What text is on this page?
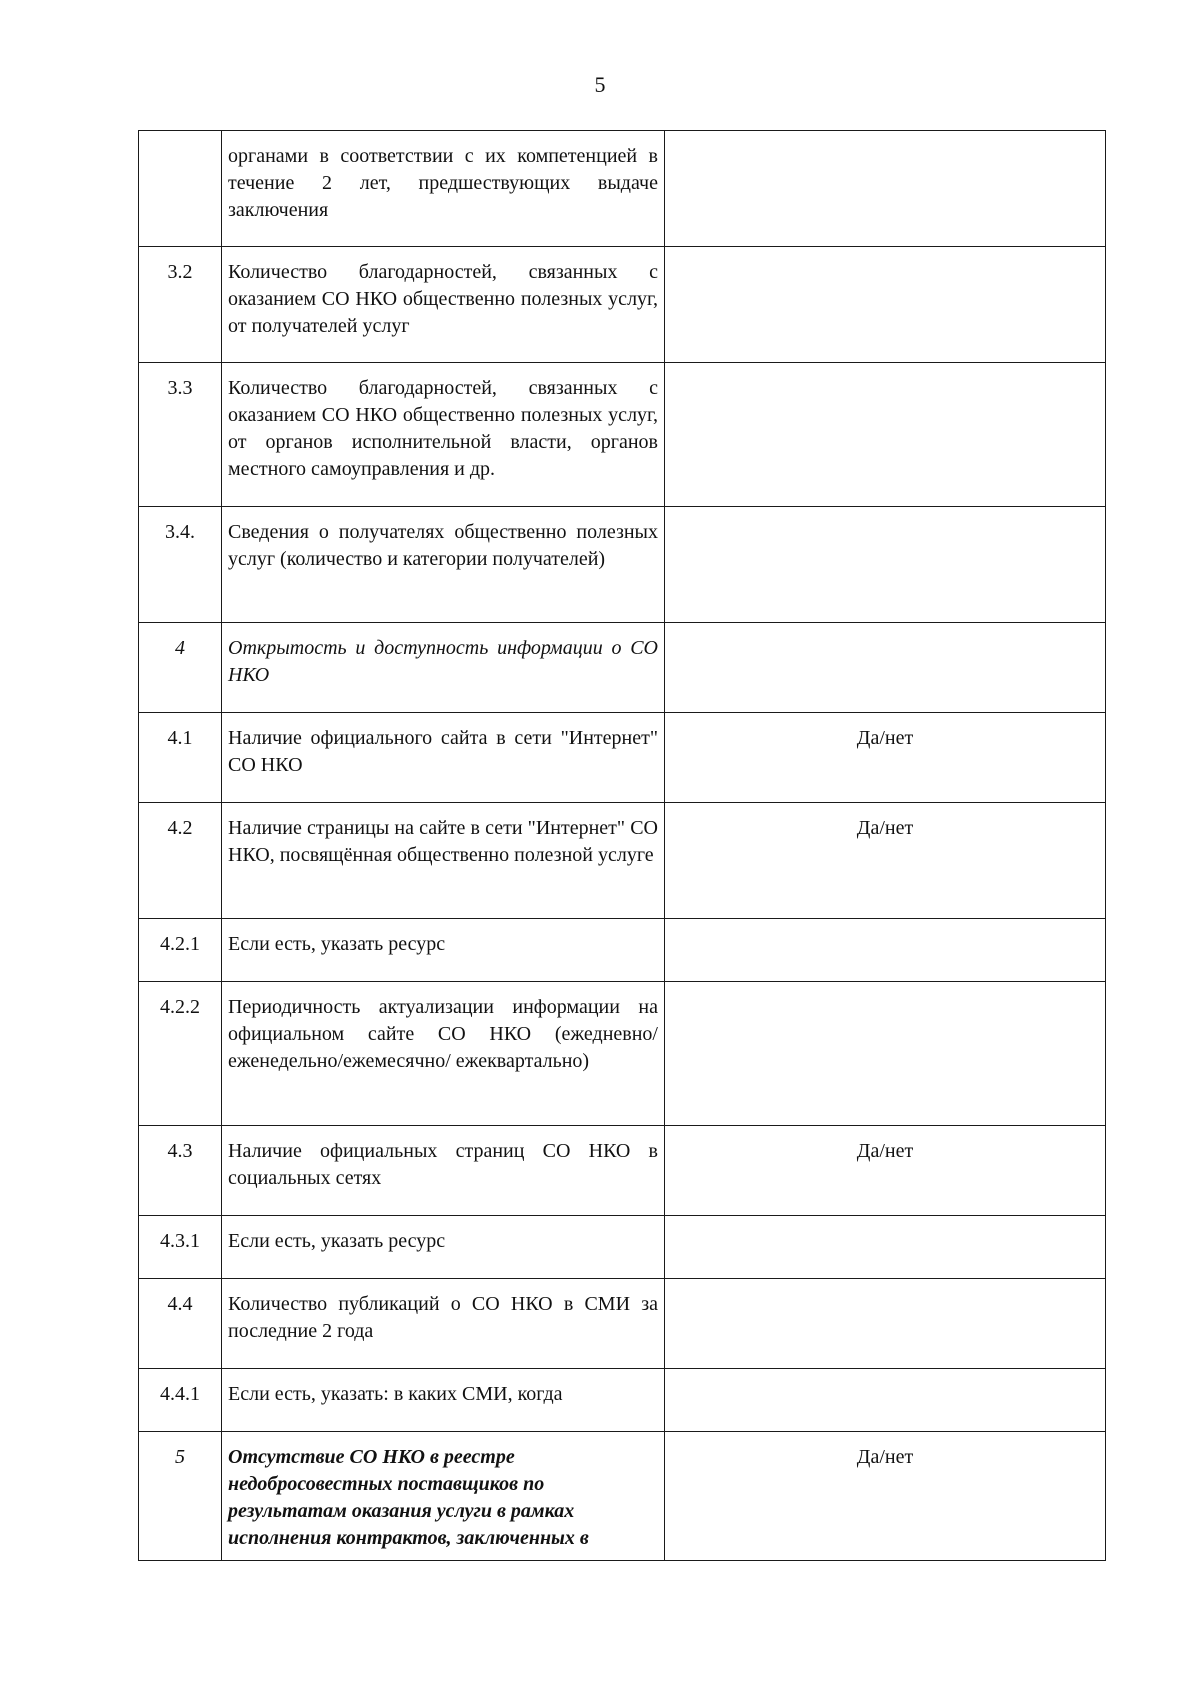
5
	органами в соответствии с их компетенцией в течение 2 лет, предшествующих выдаче заключения	
3.2	Количество благодарностей, связанных с оказанием СО НКО общественно полезных услуг, от получателей услуг	
3.3	Количество благодарностей, связанных с оказанием СО НКО общественно полезных услуг, от органов исполнительной власти, органов местного самоуправления и др.	
3.4.	Сведения о получателях общественно полезных услуг (количество и категории получателей)	
4	Открытость и доступность информации о СО НКО	
4.1	Наличие официального сайта в сети "Интернет" СО НКО	Да/нет
4.2	Наличие страницы на сайте в сети "Интернет" СО НКО, посвящённая общественно полезной услуге	Да/нет
4.2.1	Если есть, указать ресурс	
4.2.2	Периодичность актуализации информации на официальном сайте СО НКО (ежедневно/еженедельно/ежемесячно/ ежеквартально)	
4.3	Наличие официальных страниц СО НКО в социальных сетях	Да/нет
4.3.1	Если есть, указать ресурс	
4.4	Количество публикаций о СО НКО в СМИ за последние 2 года	
4.4.1	Если есть, указать: в каких СМИ, когда	
5	Отсутствие СО НКО в реестре недобросовестных поставщиков по результатам оказания услуги в рамках исполнения контрактов, заключенных в	Да/нет
